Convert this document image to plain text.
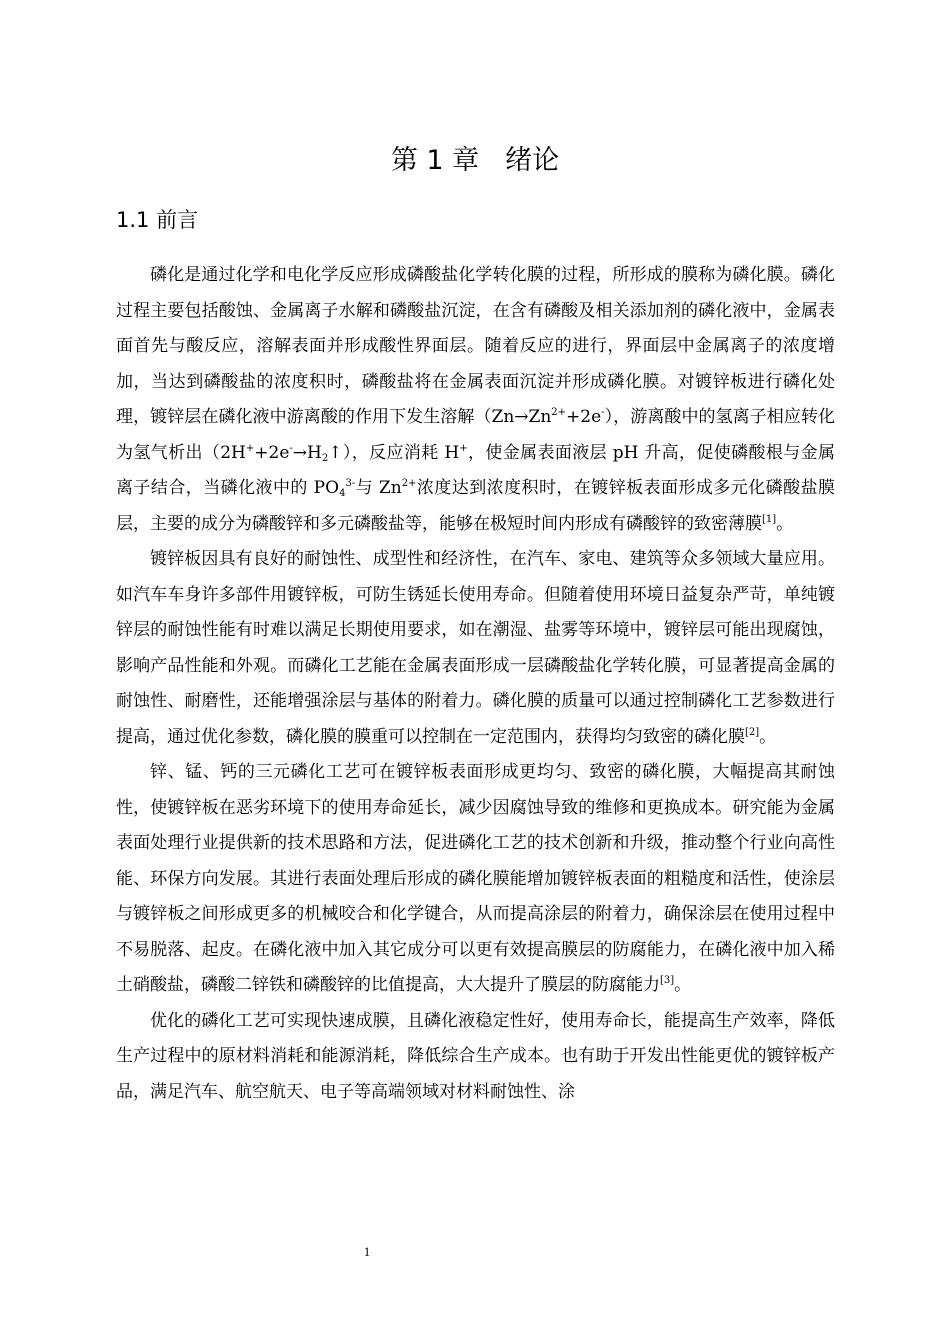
第 1 章 绪论
1.1 前言

磷化是通过化学和电化学反应形成磷酸盐化学转化膜的过程，所形成的膜称为磷化膜。磷化过程主要包括酸蚀、金属离子水解和磷酸盐沉淀，在含有磷酸及相关添加剂的磷化液中，金属表面首先与酸反应，溶解表面并形成酸性界面层。随着反应的进行，界面层中金属离子的浓度增加，当达到磷酸盐的浓度积时，磷酸盐将在金属表面沉淀并形成磷化膜。对镀锌板进行磷化处理，镀锌层在磷化液中游离酸的作用下发生溶解$(Zn\to Zn^{2+}+2e^-)$，游离酸中的氢离子相应转化为氢气析出$(2H^++2e^-\to H_2↑)$，反应消耗 H+，使金属表面液层 pH 升高，促使磷酸根与金属离子结合，当磷化液中的 $PO_4^{3-}$与 $Zn^{2+}$浓度达到浓度积时，在镀锌板表面形成多元化磷酸盐膜层，主要的成分为磷酸锌和多元磷酸盐等，能够在极短时间内形成有磷酸锌的致密薄膜[1]。

镀锌板因具有良好的耐蚀性、成型性和经济性，在汽车、家电、建筑等众多领域大量应用。如汽车车身许多部件用镀锌板，可防生锈延长使用寿命。但随着使用环境日益复杂严苛，单纯镀锌层的耐蚀性能有时难以满足长期使用要求，如在潮湿、盐雾等环境中，镀锌层可能出现腐蚀，影响产品性能和外观。而磷化工艺能在金属表面形成一层磷酸盐化学转化膜，可显著提高金属的耐蚀性、耐磨性，还能增强涂层与基体的附着力。磷化膜的质量可以通过控制磷化工艺参数进行提高，通过优化参数，磷化膜的膜重可以控制在一定范围内，获得均匀致密的磷化膜[2]。

锌、锰、钙的三元磷化工艺可在镀锌板表面形成更均匀、致密的磷化膜，大幅提高其耐蚀性，使镀锌板在恶劣环境下的使用寿命延长，减少因腐蚀导致的维修和更换成本。研究能为金属表面处理行业提供新的技术思路和方法，促进磷化工艺的技术创新和升级，推动整个行业向高性能、环保方向发展。其进行表面处理后形成的磷化膜能增加镀锌板表面的粗糙度和活性，使涂层与镀锌板之间形成更多的机械咬合和化学键合，从而提高涂层的附着力，确保涂层在使用过程中不易脱落、起皮。在磷化液中加入其它成分可以更有效提高膜层的防腐能力，在磷化液中加入稀土硝酸盐，磷酸二锌铁和磷酸锌的比值提高，大大提升了膜层的防腐能力[3]。

优化的磷化工艺可实现快速成膜，且磷化液稳定性好，使用寿命长，能提高生产效率，降低生产过程中的原材料消耗和能源消耗，降低综合生产成本。也有助于开发出性能更优的镀锌板产品，满足汽车、航空航天、电子等高端领域对材料耐蚀性、涂

1
